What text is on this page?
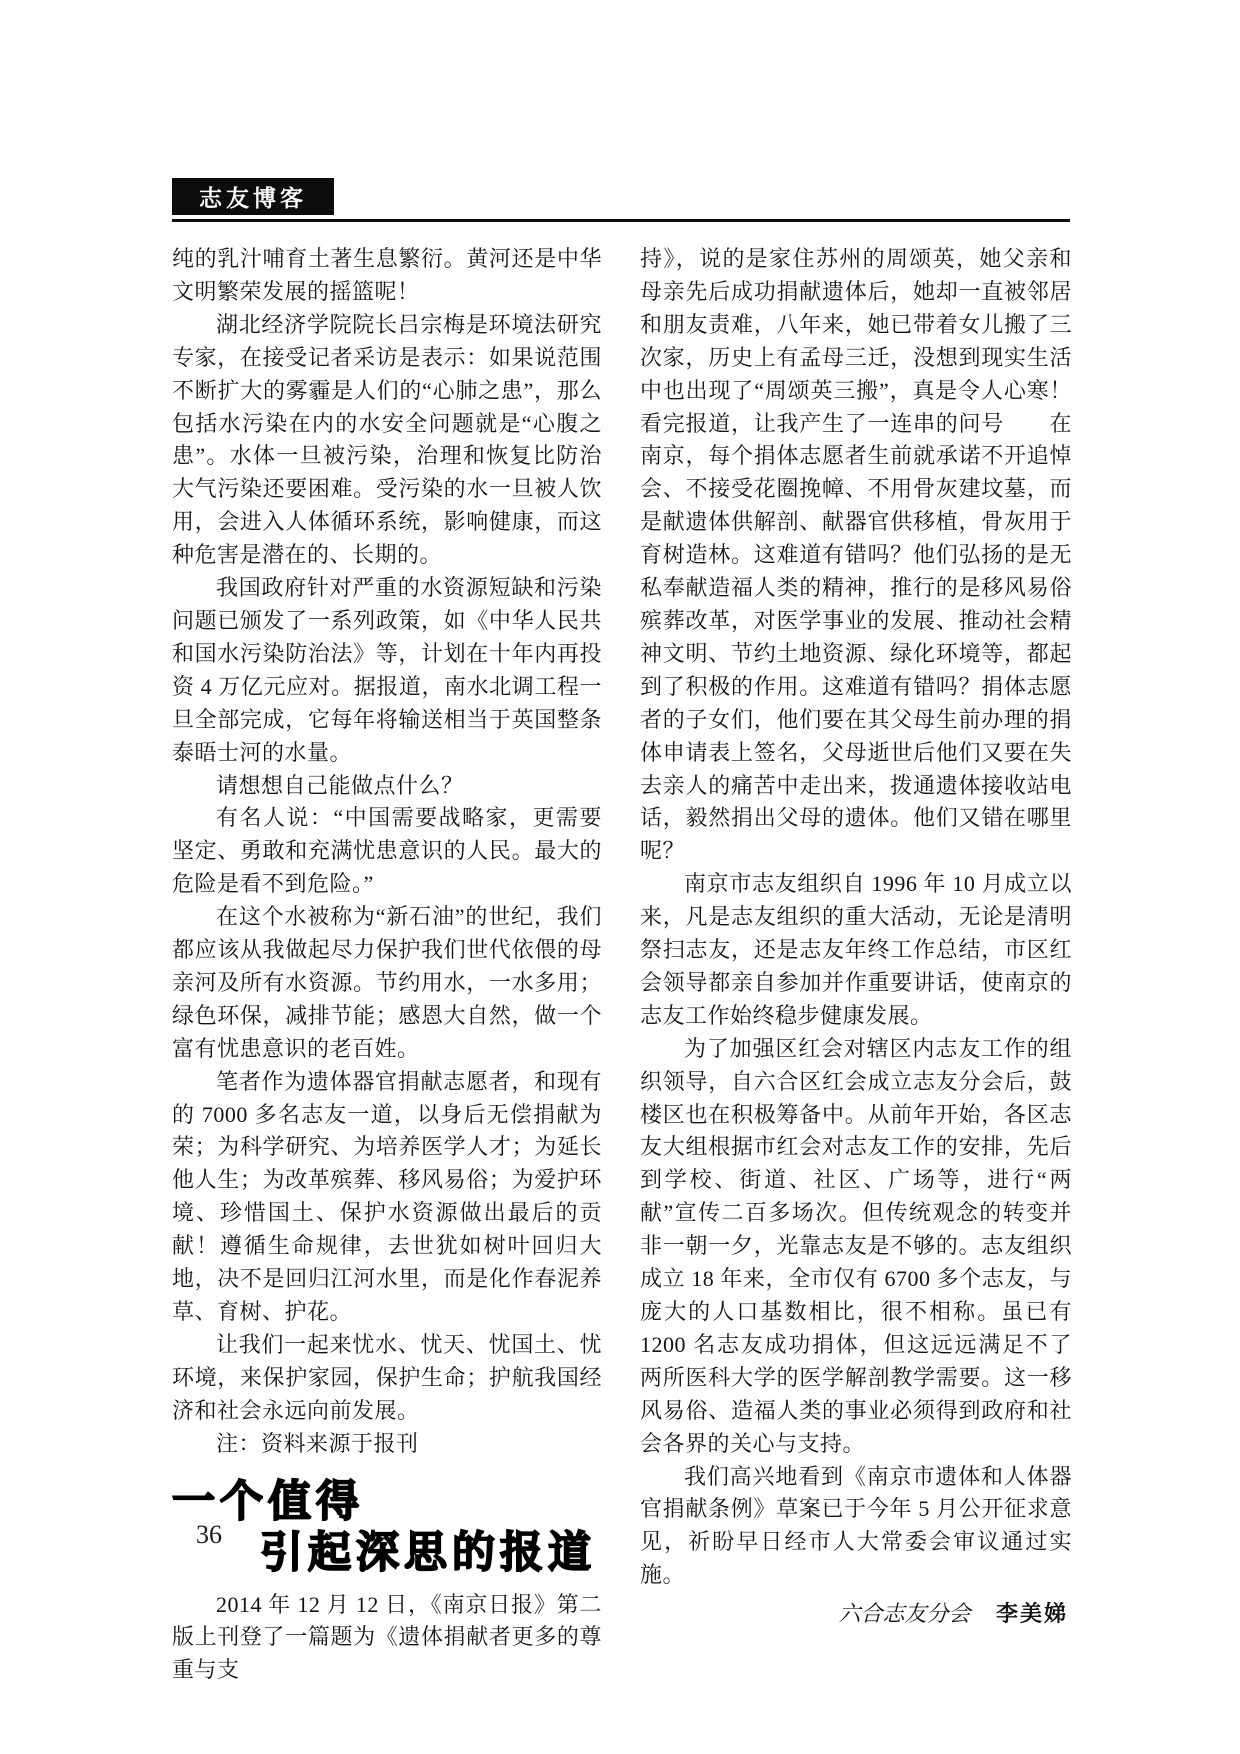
志友博客

纯的乳汁哺育土著生息繁衍。黄河还是中华文明繁荣发展的摇篮呢！

湖北经济学院院长吕宗梅是环境法研究专家，在接受记者采访是表示：如果说范围不断扩大的雾霾是人们的“心肺之患”，那么包括水污染在内的水安全问题就是“心腹之患”。水体一旦被污染，治理和恢复比防治大气污染还要困难。受污染的水一旦被人饮用，会进入人体循环系统，影响健康，而这种危害是潜在的、长期的。

我国政府针对严重的水资源短缺和污染问题已颁发了一系列政策，如《中华人民共和国水污染防治法》等，计划在十年内再投资 4 万亿元应对。据报道，南水北调工程一旦全部完成，它每年将输送相当于英国整条泰晤士河的水量。

请想想自己能做点什么？

有名人说：“中国需要战略家，更需要坚定、勇敢和充满忧患意识的人民。最大的危险是看不到危险。”

在这个水被称为“新石油”的世纪，我们都应该从我做起尽力保护我们世代依偎的母亲河及所有水资源。节约用水，一水多用；绿色环保，减排节能；感恩大自然，做一个富有忧患意识的老百姓。

笔者作为遗体器官捐献志愿者，和现有的 7000 多名志友一道，以身后无偿捐献为荣；为科学研究、为培养医学人才；为延长他人生；为改革殡葬、移风易俗；为爱护环境、珍惜国土、保护水资源做出最后的贡献！遵循生命规律，去世犹如树叶回归大地，决不是回归江河水里，而是化作春泥养草、育树、护花。

让我们一起来忧水、忧天、忧国土、忧环境，来保护家园，保护生命；护航我国经济和社会永远向前发展。

注：资料来源于报刊

一个值得
引起深思的报道

2014 年 12 月 12 日，《南京日报》第二版上刊登了一篇题为《遗体捐献者更多的尊重与支

持》，说的是家住苏州的周颂英，她父亲和母亲先后成功捐献遗体后，她却一直被邻居和朋友责难，八年来，她已带着女儿搬了三次家，历史上有孟母三迁，没想到现实生活中也出现了“周颂英三搬”，真是令人心寒！看完报道，让我产生了一连串的问号　　在南京，每个捐体志愿者生前就承诺不开追悼会、不接受花圈挽幛、不用骨灰建坟墓，而是献遗体供解剖、献器官供移植，骨灰用于育树造林。这难道有错吗？他们弘扬的是无私奉献造福人类的精神，推行的是移风易俗殡葬改革，对医学事业的发展、推动社会精神文明、节约土地资源、绿化环境等，都起到了积极的作用。这难道有错吗？捐体志愿者的子女们，他们要在其父母生前办理的捐体申请表上签名，父母逝世后他们又要在失去亲人的痛苦中走出来，拨通遗体接收站电话，毅然捐出父母的遗体。他们又错在哪里呢？

南京市志友组织自 1996 年 10 月成立以来，凡是志友组织的重大活动，无论是清明祭扫志友，还是志友年终工作总结，市区红会领导都亲自参加并作重要讲话，使南京的志友工作始终稳步健康发展。

为了加强区红会对辖区内志友工作的组织领导，自六合区红会成立志友分会后，鼓楼区也在积极筹备中。从前年开始，各区志友大组根据市红会对志友工作的安排，先后到学校、街道、社区、广场等，进行“两献”宣传二百多场次。但传统观念的转变并非一朝一夕，光靠志友是不够的。志友组织成立 18 年来，全市仅有 6700 多个志友，与庞大的人口基数相比，很不相称。虽已有 1200 名志友成功捐体，但这远远满足不了两所医科大学的医学解剖教学需要。这一移风易俗、造福人类的事业必须得到政府和社会各界的关心与支持。

我们高兴地看到《南京市遗体和人体器官捐献条例》草案已于今年 5 月公开征求意见，祈盼早日经市人大常委会审议通过实施。

六合志友分会 李美娣

36
